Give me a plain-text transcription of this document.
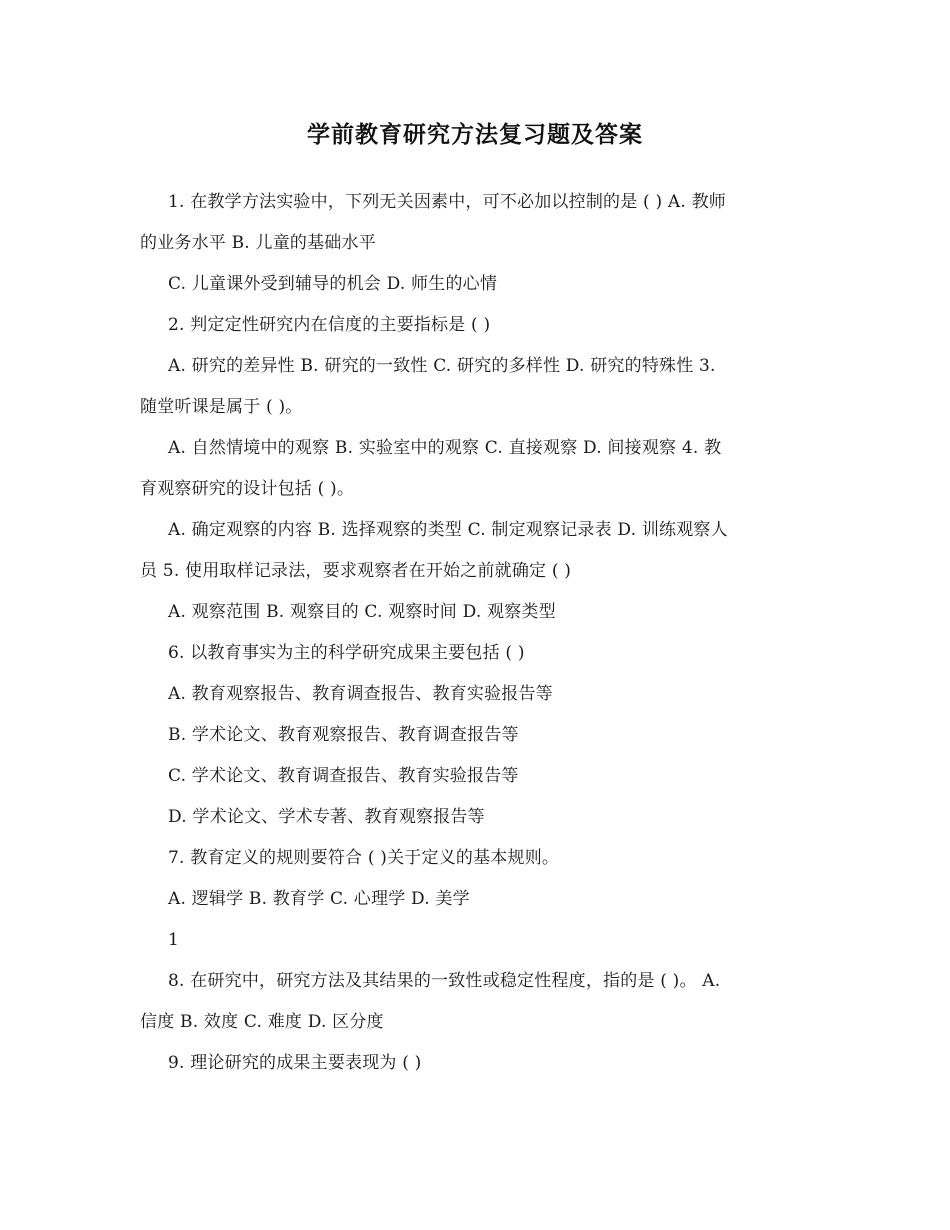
学前教育研究方法复习题及答案
1. 在教学方法实验中，下列无关因素中，可不必加以控制的是 ( ) A. 教师
的业务水平 B. 儿童的基础水平
C. 儿童课外受到辅导的机会 D. 师生的心情
2. 判定定性研究内在信度的主要指标是 ( )
A. 研究的差异性 B. 研究的一致性 C. 研究的多样性 D. 研究的特殊性 3.
随堂听课是属于 ( )。
A. 自然情境中的观察 B. 实验室中的观察 C. 直接观察 D. 间接观察 4. 教
育观察研究的设计包括 ( )。
A. 确定观察的内容 B. 选择观察的类型 C. 制定观察记录表 D. 训练观察人
员 5. 使用取样记录法，要求观察者在开始之前就确定 ( )
A. 观察范围 B. 观察目的 C. 观察时间 D. 观察类型
6. 以教育事实为主的科学研究成果主要包括 ( )
A. 教育观察报告、教育调查报告、教育实验报告等
B. 学术论文、教育观察报告、教育调查报告等
C. 学术论文、教育调查报告、教育实验报告等
D. 学术论文、学术专著、教育观察报告等
7. 教育定义的规则要符合 ( )关于定义的基本规则。
A. 逻辑学 B. 教育学 C. 心理学 D. 美学
1
8. 在研究中，研究方法及其结果的一致性或稳定性程度，指的是 ( )。 A.
信度 B. 效度 C. 难度 D. 区分度
9. 理论研究的成果主要表现为 ( )
